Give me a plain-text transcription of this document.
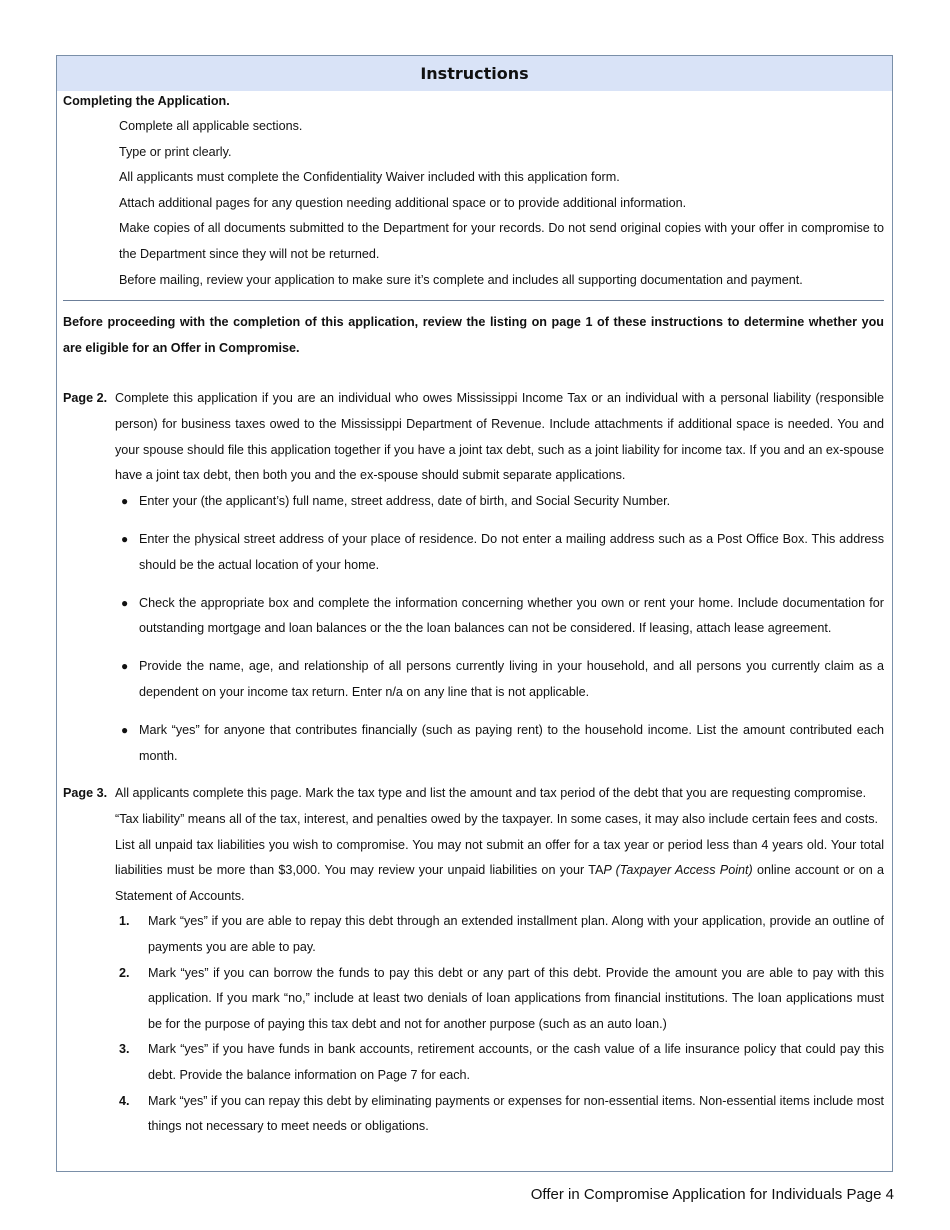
Instructions

Completing the Application.

Complete all applicable sections.

Type or print clearly.

All applicants must complete the Confidentiality Waiver included with this application form.

Attach additional pages for any question needing additional space or to provide additional information.

Make copies of all documents submitted to the Department for your records. Do not send original copies with your offer in compromise to the Department since they will not be returned.

Before mailing, review your application to make sure it’s complete and includes all supporting documentation and payment.

Before proceeding with the completion of this application, review the listing on page 1 of these instructions to determine whether you are eligible for an Offer in Compromise.

Page 2. Complete this application if you are an individual who owes Mississippi Income Tax or an individual with a personal liability (responsible person) for business taxes owed to the Mississippi Department of Revenue. Include attachments if additional space is needed. You and your spouse should file this application together if you have a joint tax debt, such as a joint liability for income tax. If you and an ex-spouse have a joint tax debt, then both you and the ex-spouse should submit separate applications.

● Enter your (the applicant’s) full name, street address, date of birth, and Social Security Number.
● Enter the physical street address of your place of residence. Do not enter a mailing address such as a Post Office Box. This address should be the actual location of your home.
● Check the appropriate box and complete the information concerning whether you own or rent your home. Include documentation for outstanding mortgage and loan balances or the the loan balances can not be considered. If leasing, attach lease agreement.
● Provide the name, age, and relationship of all persons currently living in your household, and all persons you currently claim as a dependent on your income tax return. Enter n/a on any line that is not applicable.
● Mark “yes” for anyone that contributes financially (such as paying rent) to the household income. List the amount contributed each month.
Page 3. All applicants complete this page. Mark the tax type and list the amount and tax period of the debt that you are requesting compromise.

“Tax liability” means all of the tax, interest, and penalties owed by the taxpayer. In some cases, it may also include certain fees and costs.

List all unpaid tax liabilities you wish to compromise. You may not submit an offer for a tax year or period less than 4 years old. Your total liabilities must be more than $3,000. You may review your unpaid liabilities on your TAP (Taxpayer Access Point) online account or on a Statement of Accounts.

1. Mark “yes” if you are able to repay this debt through an extended installment plan. Along with your application, provide an outline of payments you are able to pay.
2. Mark “yes” if you can borrow the funds to pay this debt or any part of this debt. Provide the amount you are able to pay with this application. If you mark “no,” include at least two denials of loan applications from financial institutions. The loan applications must be for the purpose of paying this tax debt and not for another purpose (such as an auto loan.)
3. Mark “yes” if you have funds in bank accounts, retirement accounts, or the cash value of a life insurance policy that could pay this debt. Provide the balance information on Page 7 for each.
4. Mark “yes” if you can repay this debt by eliminating payments or expenses for non-essential items. Non-essential items include most things not necessary to meet needs or obligations.
Offer in Compromise Application for Individuals Page 4
